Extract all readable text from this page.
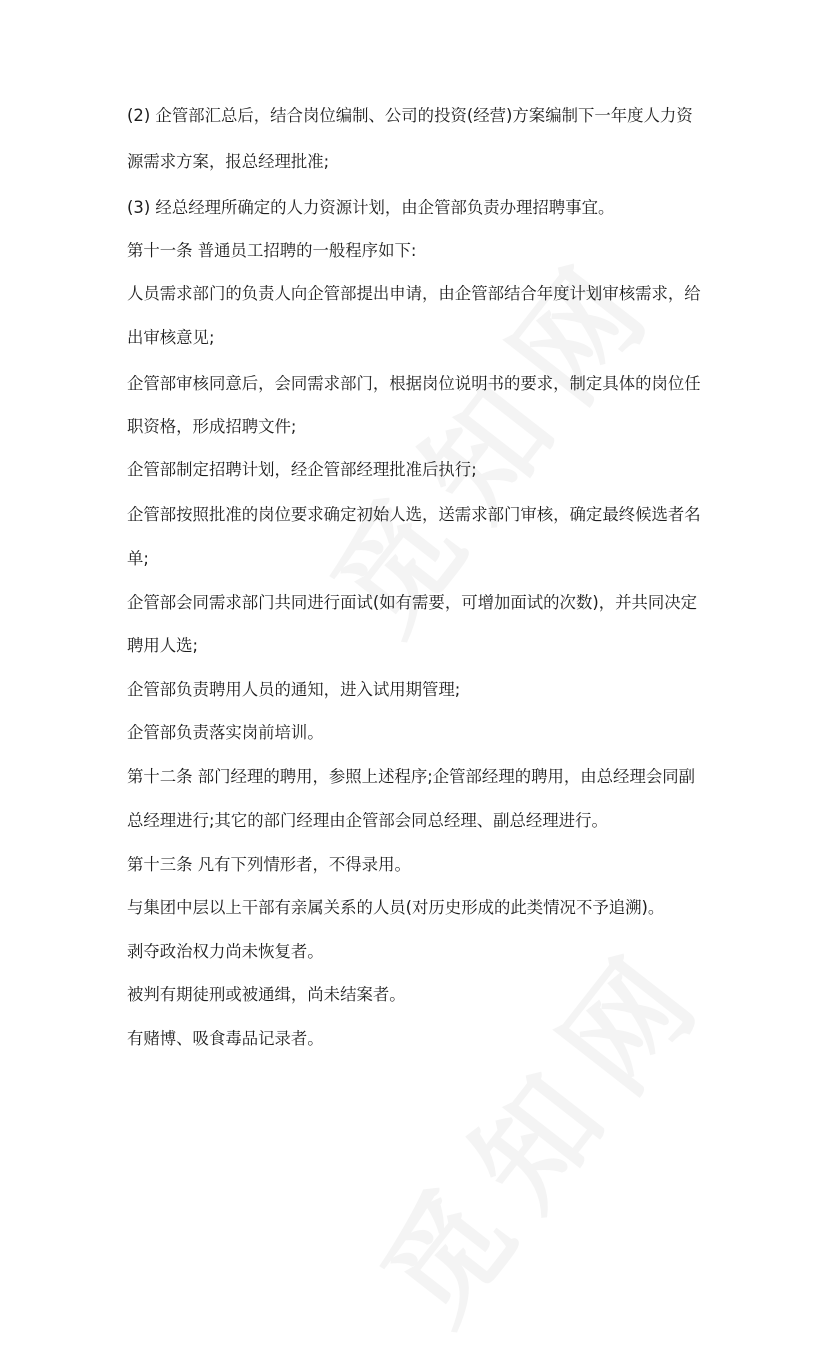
(2) 企管部汇总后，结合岗位编制、公司的投资(经营)方案编制下一年度人力资
源需求方案，报总经理批准;
(3) 经总经理所确定的人力资源计划，由企管部负责办理招聘事宜。
第十一条 普通员工招聘的一般程序如下:
人员需求部门的负责人向企管部提出申请，由企管部结合年度计划审核需求，给
出审核意见;
企管部审核同意后，会同需求部门，根据岗位说明书的要求，制定具体的岗位任
职资格，形成招聘文件;
企管部制定招聘计划，经企管部经理批准后执行;
企管部按照批准的岗位要求确定初始人选，送需求部门审核，确定最终候选者名
单;
企管部会同需求部门共同进行面试(如有需要，可增加面试的次数)，并共同决定
聘用人选;
企管部负责聘用人员的通知，进入试用期管理;
企管部负责落实岗前培训。
第十二条 部门经理的聘用，参照上述程序;企管部经理的聘用，由总经理会同副
总经理进行;其它的部门经理由企管部会同总经理、副总经理进行。
第十三条 凡有下列情形者，不得录用。
与集团中层以上干部有亲属关系的人员(对历史形成的此类情况不予追溯)。
剥夺政治权力尚未恢复者。
被判有期徒刑或被通缉，尚未结案者。
有赌博、吸食毒品记录者。
